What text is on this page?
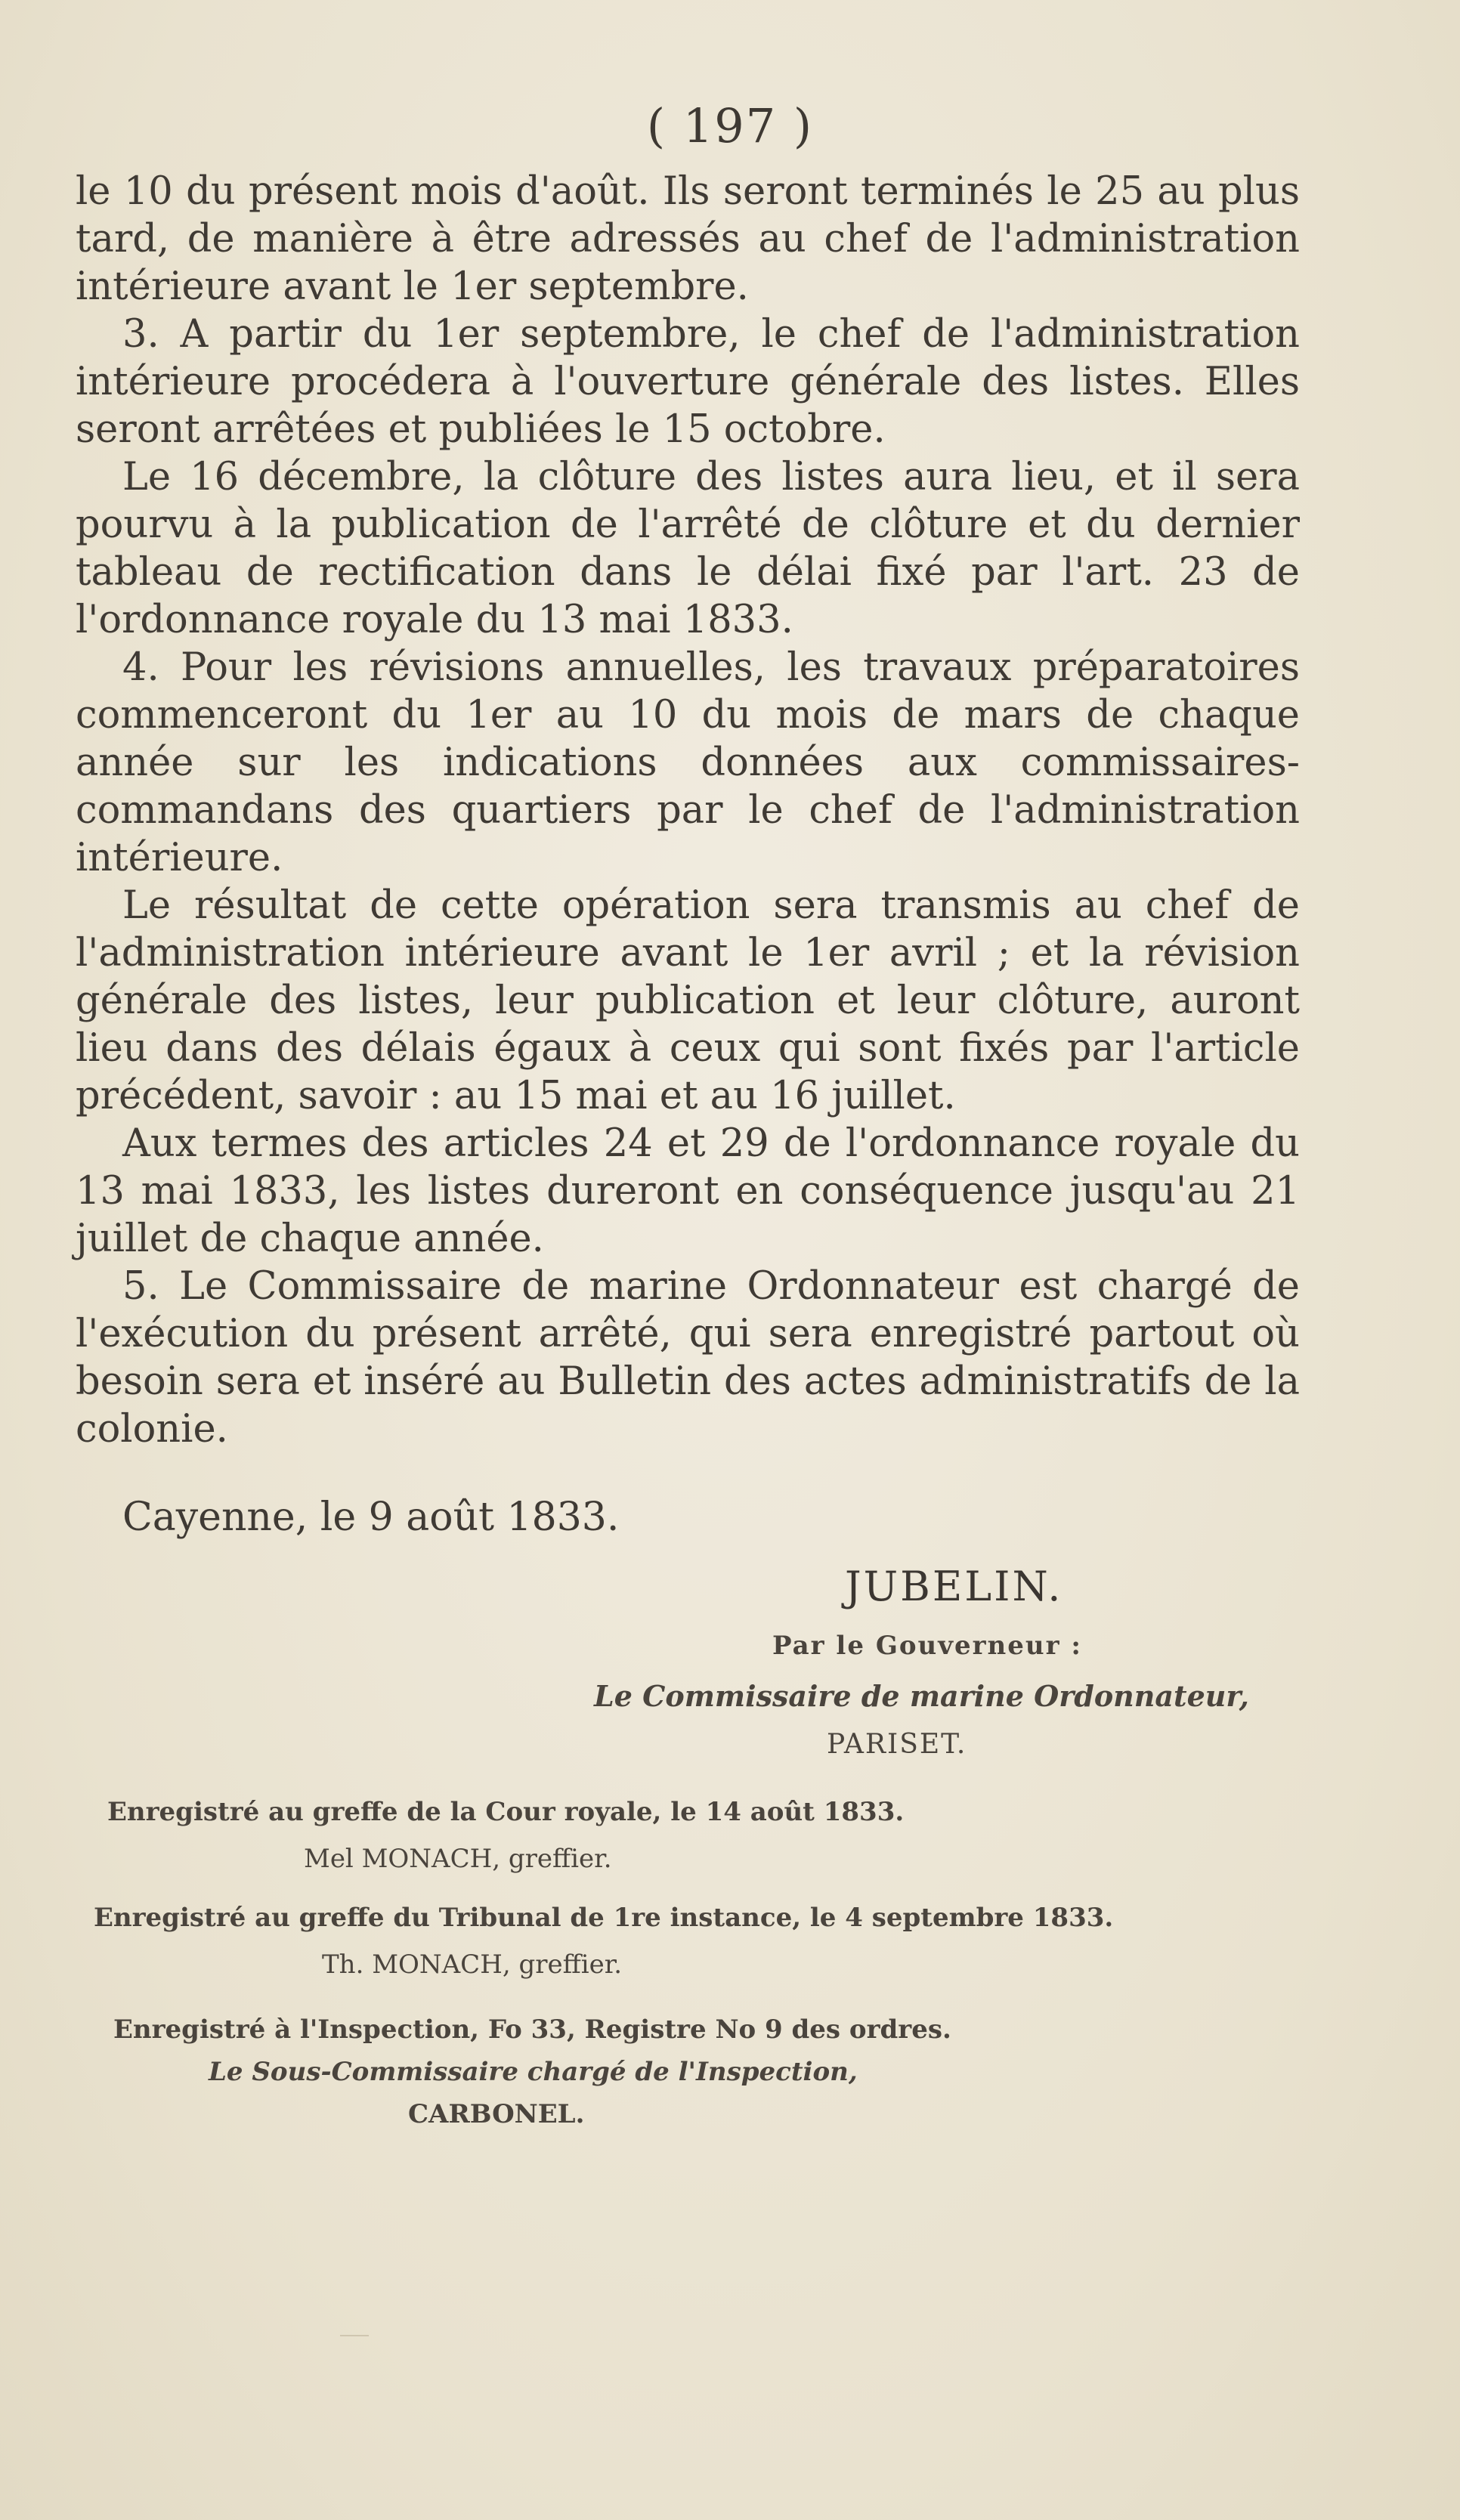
( 197 )

le 10 du présent mois d'août. Ils seront terminés le 25 au plus tard, de manière à être adressés au chef de l'administration intérieure avant le 1er septembre.

3. A partir du 1er septembre, le chef de l'administration intérieure procédera à l'ouverture générale des listes. Elles seront arrêtées et publiées le 15 octobre.

Le 16 décembre, la clôture des listes aura lieu, et il sera pourvu à la publication de l'arrêté de clôture et du dernier tableau de rectification dans le délai fixé par l'art. 23 de l'ordonnance royale du 13 mai 1833.

4. Pour les révisions annuelles, les travaux préparatoires commenceront du 1er au 10 du mois de mars de chaque année sur les indications données aux commissaires-commandans des quartiers par le chef de l'administration intérieure.

Le résultat de cette opération sera transmis au chef de l'administration intérieure avant le 1er avril ; et la révision générale des listes, leur publication et leur clôture, auront lieu dans des délais égaux à ceux qui sont fixés par l'article précédent, savoir : au 15 mai et au 16 juillet.

Aux termes des articles 24 et 29 de l'ordonnance royale du 13 mai 1833, les listes dureront en conséquence jusqu'au 21 juillet de chaque année.

5. Le Commissaire de marine Ordonnateur est chargé de l'exécution du présent arrêté, qui sera enregistré partout où besoin sera et inséré au Bulletin des actes administratifs de la colonie.

Cayenne, le 9 août 1833.
JUBELIN.
Par le Gouverneur :
Le Commissaire de marine Ordonnateur,
PARISET.
Enregistré au greffe de la Cour royale, le 14 août 1833.
Mel MONACH, greffier.
Enregistré au greffe du Tribunal de 1re instance, le 4 septembre 1833.
Th. MONACH, greffier.
Enregistré à l'Inspection, Fo 33, Registre No 9 des ordres.
Le Sous-Commissaire chargé de l'Inspection,
CARBONEL.
